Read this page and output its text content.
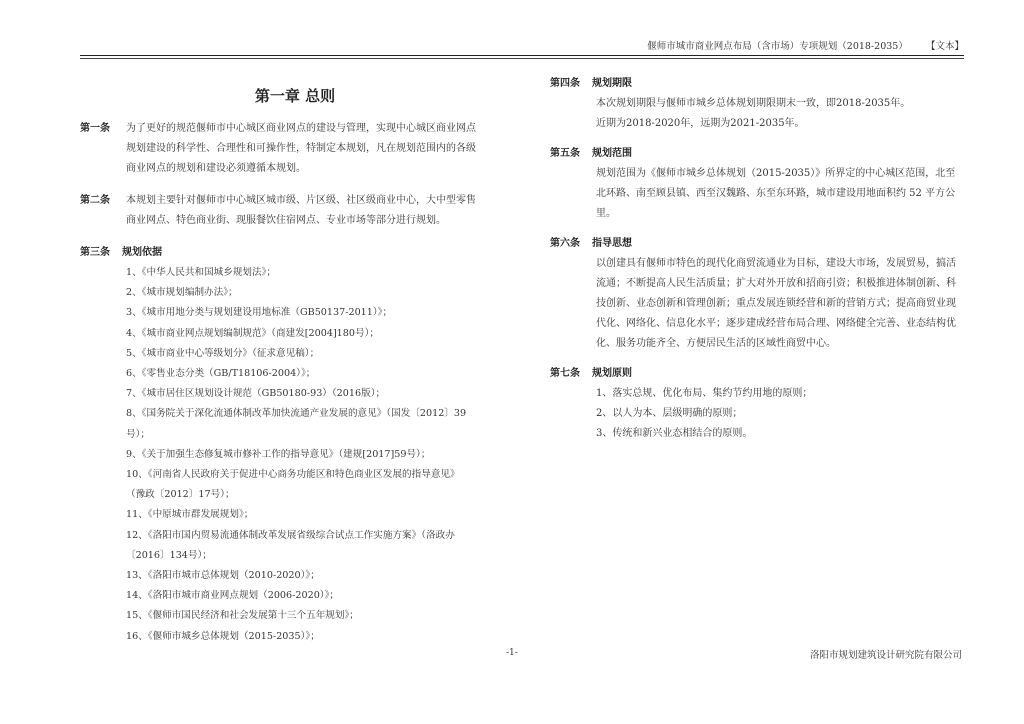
偃师市城市商业网点布局（含市场）专项规划（2018-2035） 【文本】
第一章 总则
第一条 为了更好的规范偃师市中心城区商业网点的建设与管理，实现中心城区商业网点
规划建设的科学性、合理性和可操作性，特制定本规划，凡在规划范围内的各级
商业网点的规划和建设必须遵循本规划。
第二条 本规划主要针对偃师市中心城区城市级、片区级、社区级商业中心，大中型零售
商业网点、特色商业街、现服餐饮住宿网点、专业市场等部分进行规划。
第三条 规划依据
1、《中华人民共和国城乡规划法》；
2、《城市规划编制办法》；
3、《城市用地分类与规划建设用地标准（GB50137-2011）》；
4、《城市商业网点规划编制规范》（商建发[2004]180号）；
5、《城市商业中心等级划分》（征求意见稿）；
6、《零售业态分类（GB/T18106-2004）》；
7、《城市居住区规划设计规范（GB50180-93）（2016版）；
8、《国务院关于深化流通体制改革加快流通产业发展的意见》（国发〔2012〕39
号）；
9、《关于加强生态修复城市修补工作的指导意见》（建规[2017]59号）；
10、《河南省人民政府关于促进中心商务功能区和特色商业区发展的指导意见》
（豫政〔2012〕17号）；
11、《中原城市群发展规划》；
12、《洛阳市国内贸易流通体制改革发展省级综合试点工作实施方案》（洛政办
〔2016〕134号）；
13、《洛阳市城市总体规划（2010-2020）》；
14、《洛阳市城市商业网点规划（2006-2020）》；
15、《偃师市国民经济和社会发展第十三个五年规划》；
16、《偃师市城乡总体规划（2015-2035）》；
第四条 规划期限
本次规划期限与偃师市城乡总体规划期限期末一致，即2018-2035年。
近期为2018-2020年，远期为2021-2035年。
第五条 规划范围
规划范围为《偃师市城乡总体规划（2015-2035）》所界定的中心城区范围，北至
北环路、南至顾县镇、西至汉魏路、东至东环路，城市建设用地面积约 52 平方公
里。
第六条 指导思想
以创建具有偃师市特色的现代化商贸流通业为目标，建设大市场，发展贸易，搞活
流通；不断提高人民生活质量；扩大对外开放和招商引资；积极推进体制创新、科
技创新、业态创新和管理创新；重点发展连锁经营和新的营销方式；提高商贸业现
代化、网络化、信息化水平；逐步建成经营布局合理、网络健全完善、业态结构优
化、服务功能齐全、方便居民生活的区域性商贸中心。
第七条 规划原则
1、落实总规、优化布局、集约节约用地的原则；
2、以人为本、层级明确的原则；
3、传统和新兴业态相结合的原则。
-1-	洛阳市规划建筑设计研究院有限公司
